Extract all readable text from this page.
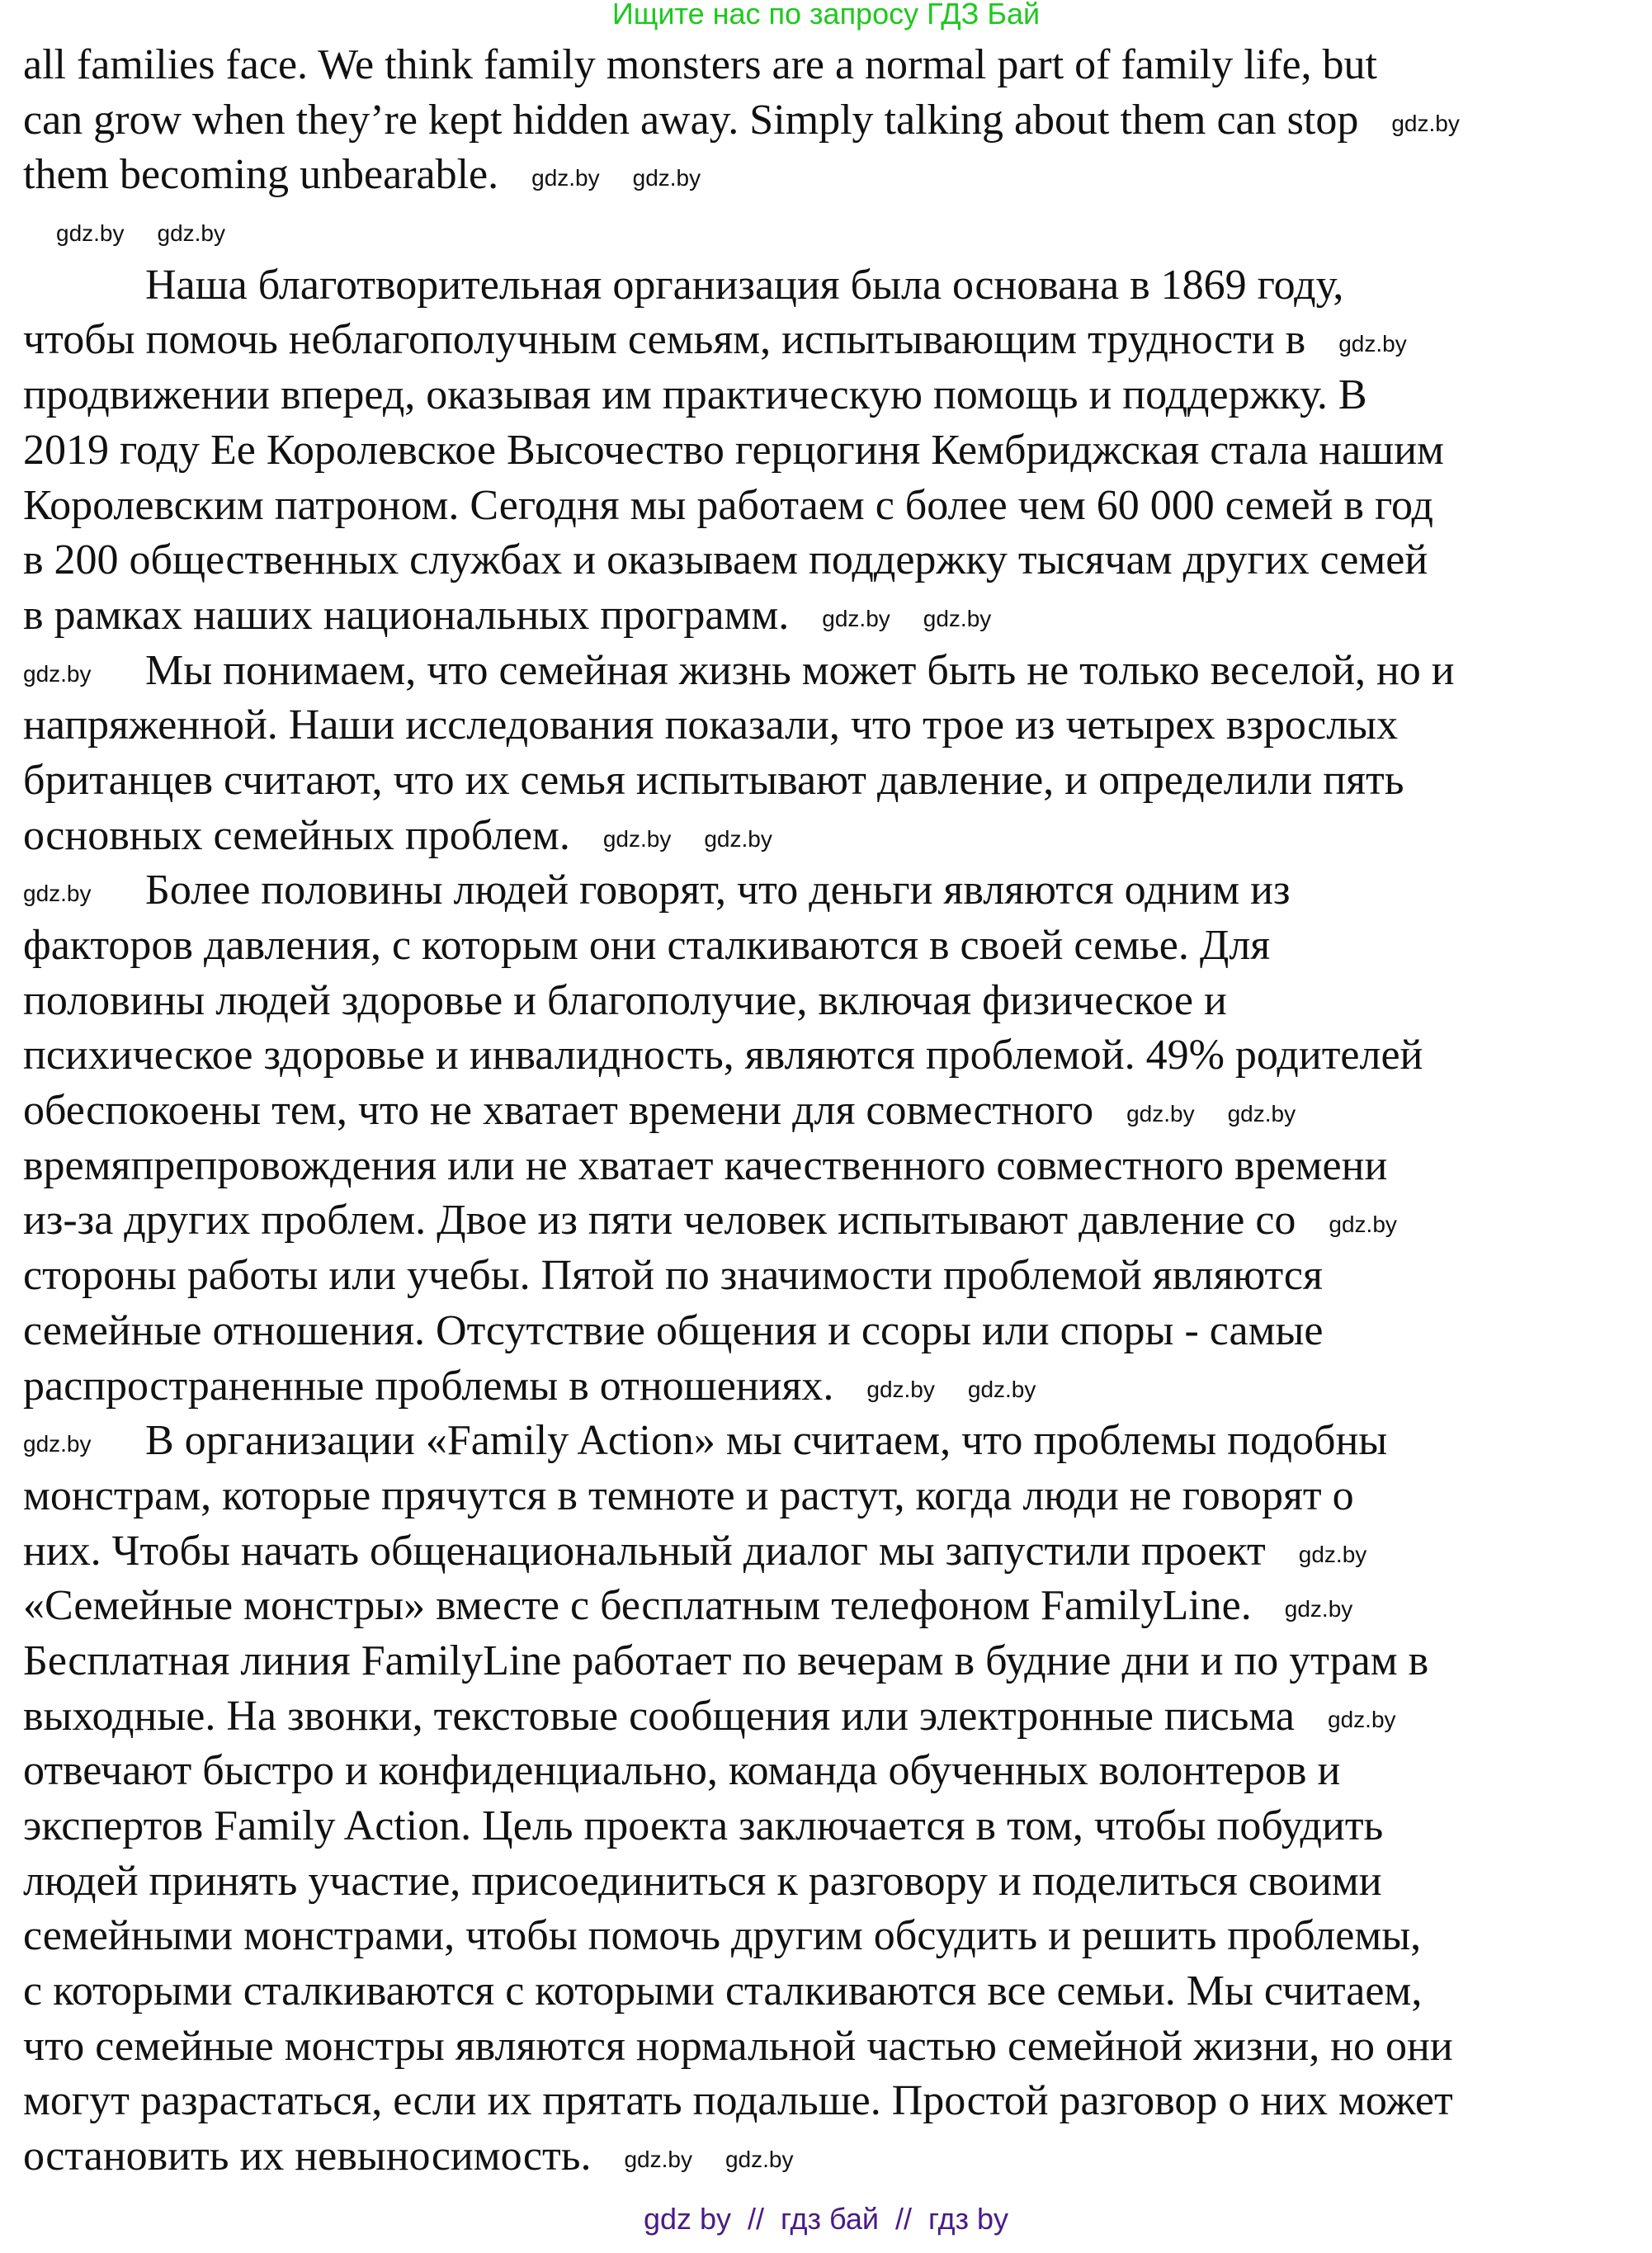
Ищите нас по запросу ГДЗ Бай
all families face. We think family monsters are a normal part of family life, but
can grow when they’re kept hidden away. Simply talking about them can stop gdz.by
them becoming unbearable. gdz.by gdz.by
gdz.by gdz.by
Наша благотворительная организация была основана в 1869 году,
чтобы помочь неблагополучным семьям, испытывающим трудности в gdz.by
продвижении вперед, оказывая им практическую помощь и поддержку. В
2019 году Ее Королевское Высочество герцогиня Кембриджская стала нашим
Королевским патроном. Сегодня мы работаем с более чем 60 000 семей в год
в 200 общественных службах и оказываем поддержку тысячам других семей
в рамках наших национальных программ. gdz.by gdz.by
gdz.by Мы понимаем, что семейная жизнь может быть не только веселой, но и
напряженной. Наши исследования показали, что трое из четырех взрослых
британцев считают, что их семья испытывают давление, и определили пять
основных семейных проблем. gdz.by gdz.by
gdz.by Более половины людей говорят, что деньги являются одним из
факторов давления, с которым они сталкиваются в своей семье. Для
половины людей здоровье и благополучие, включая физическое и
психическое здоровье и инвалидность, являются проблемой. 49% родителей
обеспокоены тем, что не хватает времени для совместного gdz.by gdz.by
времяпрепровождения или не хватает качественного совместного времени
из-за других проблем. Двое из пяти человек испытывают давление со gdz.by
стороны работы или учебы. Пятой по значимости проблемой являются
семейные отношения. Отсутствие общения и ссоры или споры - самые
распространенные проблемы в отношениях. gdz.by gdz.by
gdz.by В организации «Family Action» мы считаем, что проблемы подобны
монстрам, которые прячутся в темноте и растут, когда люди не говорят о
них. Чтобы начать общенациональный диалог мы запустили проект gdz.by
«Семейные монстры» вместе с бесплатным телефоном FamilyLine. gdz.by
Бесплатная линия FamilyLine работает по вечерам в будние дни и по утрам в
выходные. На звонки, текстовые сообщения или электронные письма gdz.by
отвечают быстро и конфиденциально, команда обученных волонтеров и
экспертов Family Action. Цель проекта заключается в том, чтобы побудить
людей принять участие, присоединиться к разговору и поделиться своими
семейными монстрами, чтобы помочь другим обсудить и решить проблемы,
с которыми сталкиваются с которыми сталкиваются все семьи. Мы считаем,
что семейные монстры являются нормальной частью семейной жизни, но они
могут разрастаться, если их прятать подальше. Простой разговор о них может
остановить их невыносимость. gdz.by gdz.by
gdz by  //  гдз бай  //  гдз by
